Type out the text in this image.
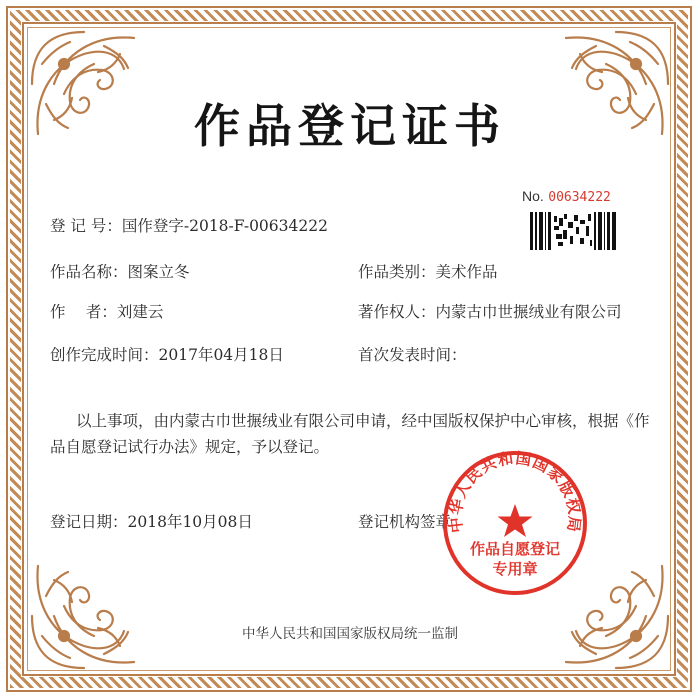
作品登记证书
No. 00634222
登 记 号：国作登字-2018-F-00634222
作品名称：图案立冬	作品类别：美术作品
作　 者：刘建云	著作权人：内蒙古巾世搌绒业有限公司
创作完成时间：2017年04月18日	首次发表时间：
以上事项，由内蒙古巾世搌绒业有限公司申请，经中国版权保护中心审核，根据《作品自愿登记试行办法》规定，予以登记。
登记日期：2018年10月08日	登记机构签章
中华人民共和国国家版权局
作品自愿登记
专用章
中华人民共和国国家版权局统一监制
